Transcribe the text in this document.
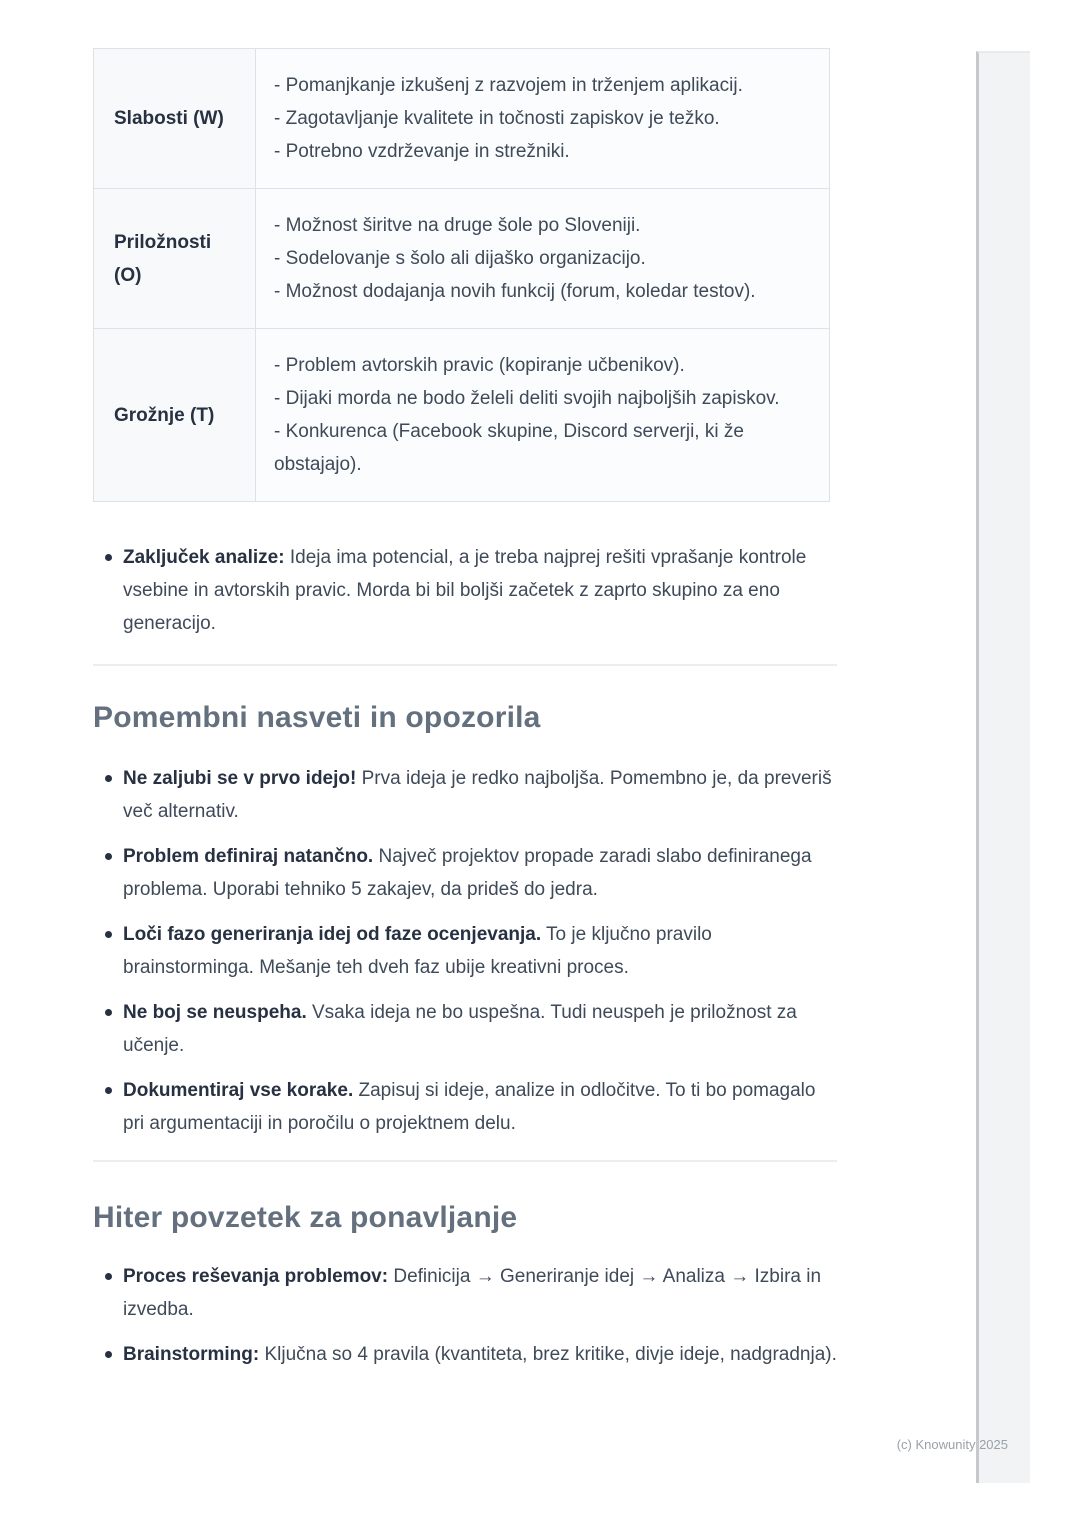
Slabosti (W)	- Pomanjkanje izkušenj z razvojem in trženjem aplikacij.
- Zagotavljanje kvalitete in točnosti zapiskov je težko.
- Potrebno vzdrževanje in strežniki.

Priložnosti (O)	- Možnost širitve na druge šole po Sloveniji.
- Sodelovanje s šolo ali dijaško organizacijo.
- Možnost dodajanja novih funkcij (forum, koledar testov).

Grožnje (T)	- Problem avtorskih pravic (kopiranje učbenikov).
- Dijaki morda ne bodo želeli deliti svojih najboljših zapiskov.
- Konkurenca (Facebook skupine, Discord serverji, ki že obstajajo).

Zaključek analize: Ideja ima potencial, a je treba najprej rešiti vprašanje kontrole vsebine in avtorskih pravic. Morda bi bil boljši začetek z zaprto skupino za eno generacijo.

Pomembni nasveti in opozorila

Ne zaljubi se v prvo idejo! Prva ideja je redko najboljša. Pomembno je, da preveriš več alternativ.

Problem definiraj natančno. Največ projektov propade zaradi slabo definiranega problema. Uporabi tehniko 5 zakajev, da prideš do jedra.

Loči fazo generiranja idej od faze ocenjevanja. To je ključno pravilo brainstorminga. Mešanje teh dveh faz ubije kreativni proces.

Ne boj se neuspeha. Vsaka ideja ne bo uspešna. Tudi neuspeh je priložnost za učenje.

Dokumentiraj vse korake. Zapisuj si ideje, analize in odločitve. To ti bo pomagalo pri argumentaciji in poročilu o projektnem delu.

Hiter povzetek za ponavljanje

Proces reševanja problemov: Definicija → Generiranje idej → Analiza → Izbira in izvedba.

Brainstorming: Ključna so 4 pravila (kvantiteta, brez kritike, divje ideje, nadgradnja).

(c) Knowunity 2025
